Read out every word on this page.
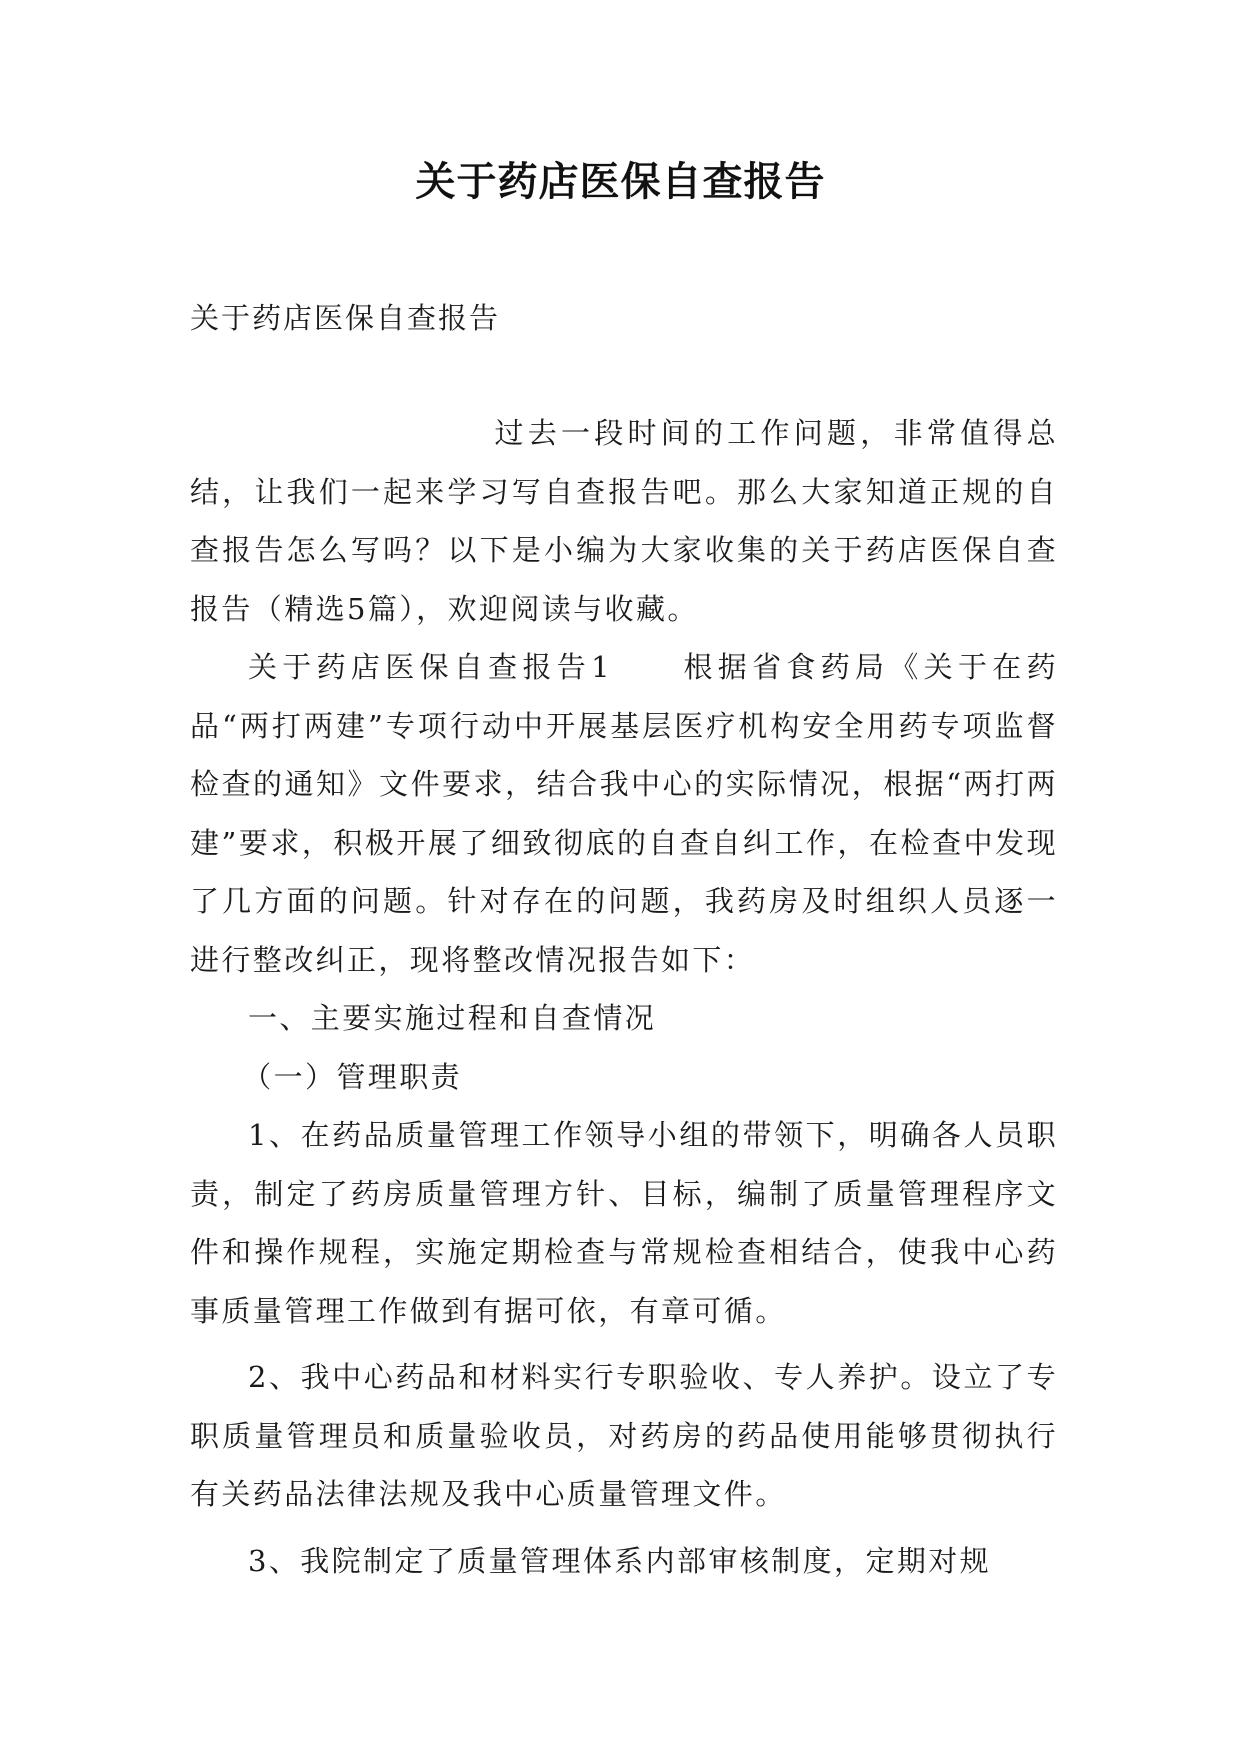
关于药店医保自查报告

关于药店医保自查报告

过去一段时间的工作问题，非常值得总结，让我们一起来学习写自查报告吧。那么大家知道正规的自查报告怎么写吗？以下是小编为大家收集的关于药店医保自查报告（精选5篇），欢迎阅读与收藏。

关于药店医保自查报告1　　根据省食药局《关于在药品“两打两建”专项行动中开展基层医疗机构安全用药专项监督检查的通知》文件要求，结合我中心的实际情况，根据“两打两建”要求，积极开展了细致彻底的自查自纠工作，在检查中发现了几方面的问题。针对存在的问题，我药房及时组织人员逐一进行整改纠正，现将整改情况报告如下：

一、主要实施过程和自查情况

（一）管理职责

1、在药品质量管理工作领导小组的带领下，明确各人员职责，制定了药房质量管理方针、目标，编制了质量管理程序文件和操作规程，实施定期检查与常规检查相结合，使我中心药事质量管理工作做到有据可依，有章可循。

2、我中心药品和材料实行专职验收、专人养护。设立了专职质量管理员和质量验收员，对药房的药品使用能够贯彻执行有关药品法律法规及我中心质量管理文件。

3、我院制定了质量管理体系内部审核制度，定期对规
